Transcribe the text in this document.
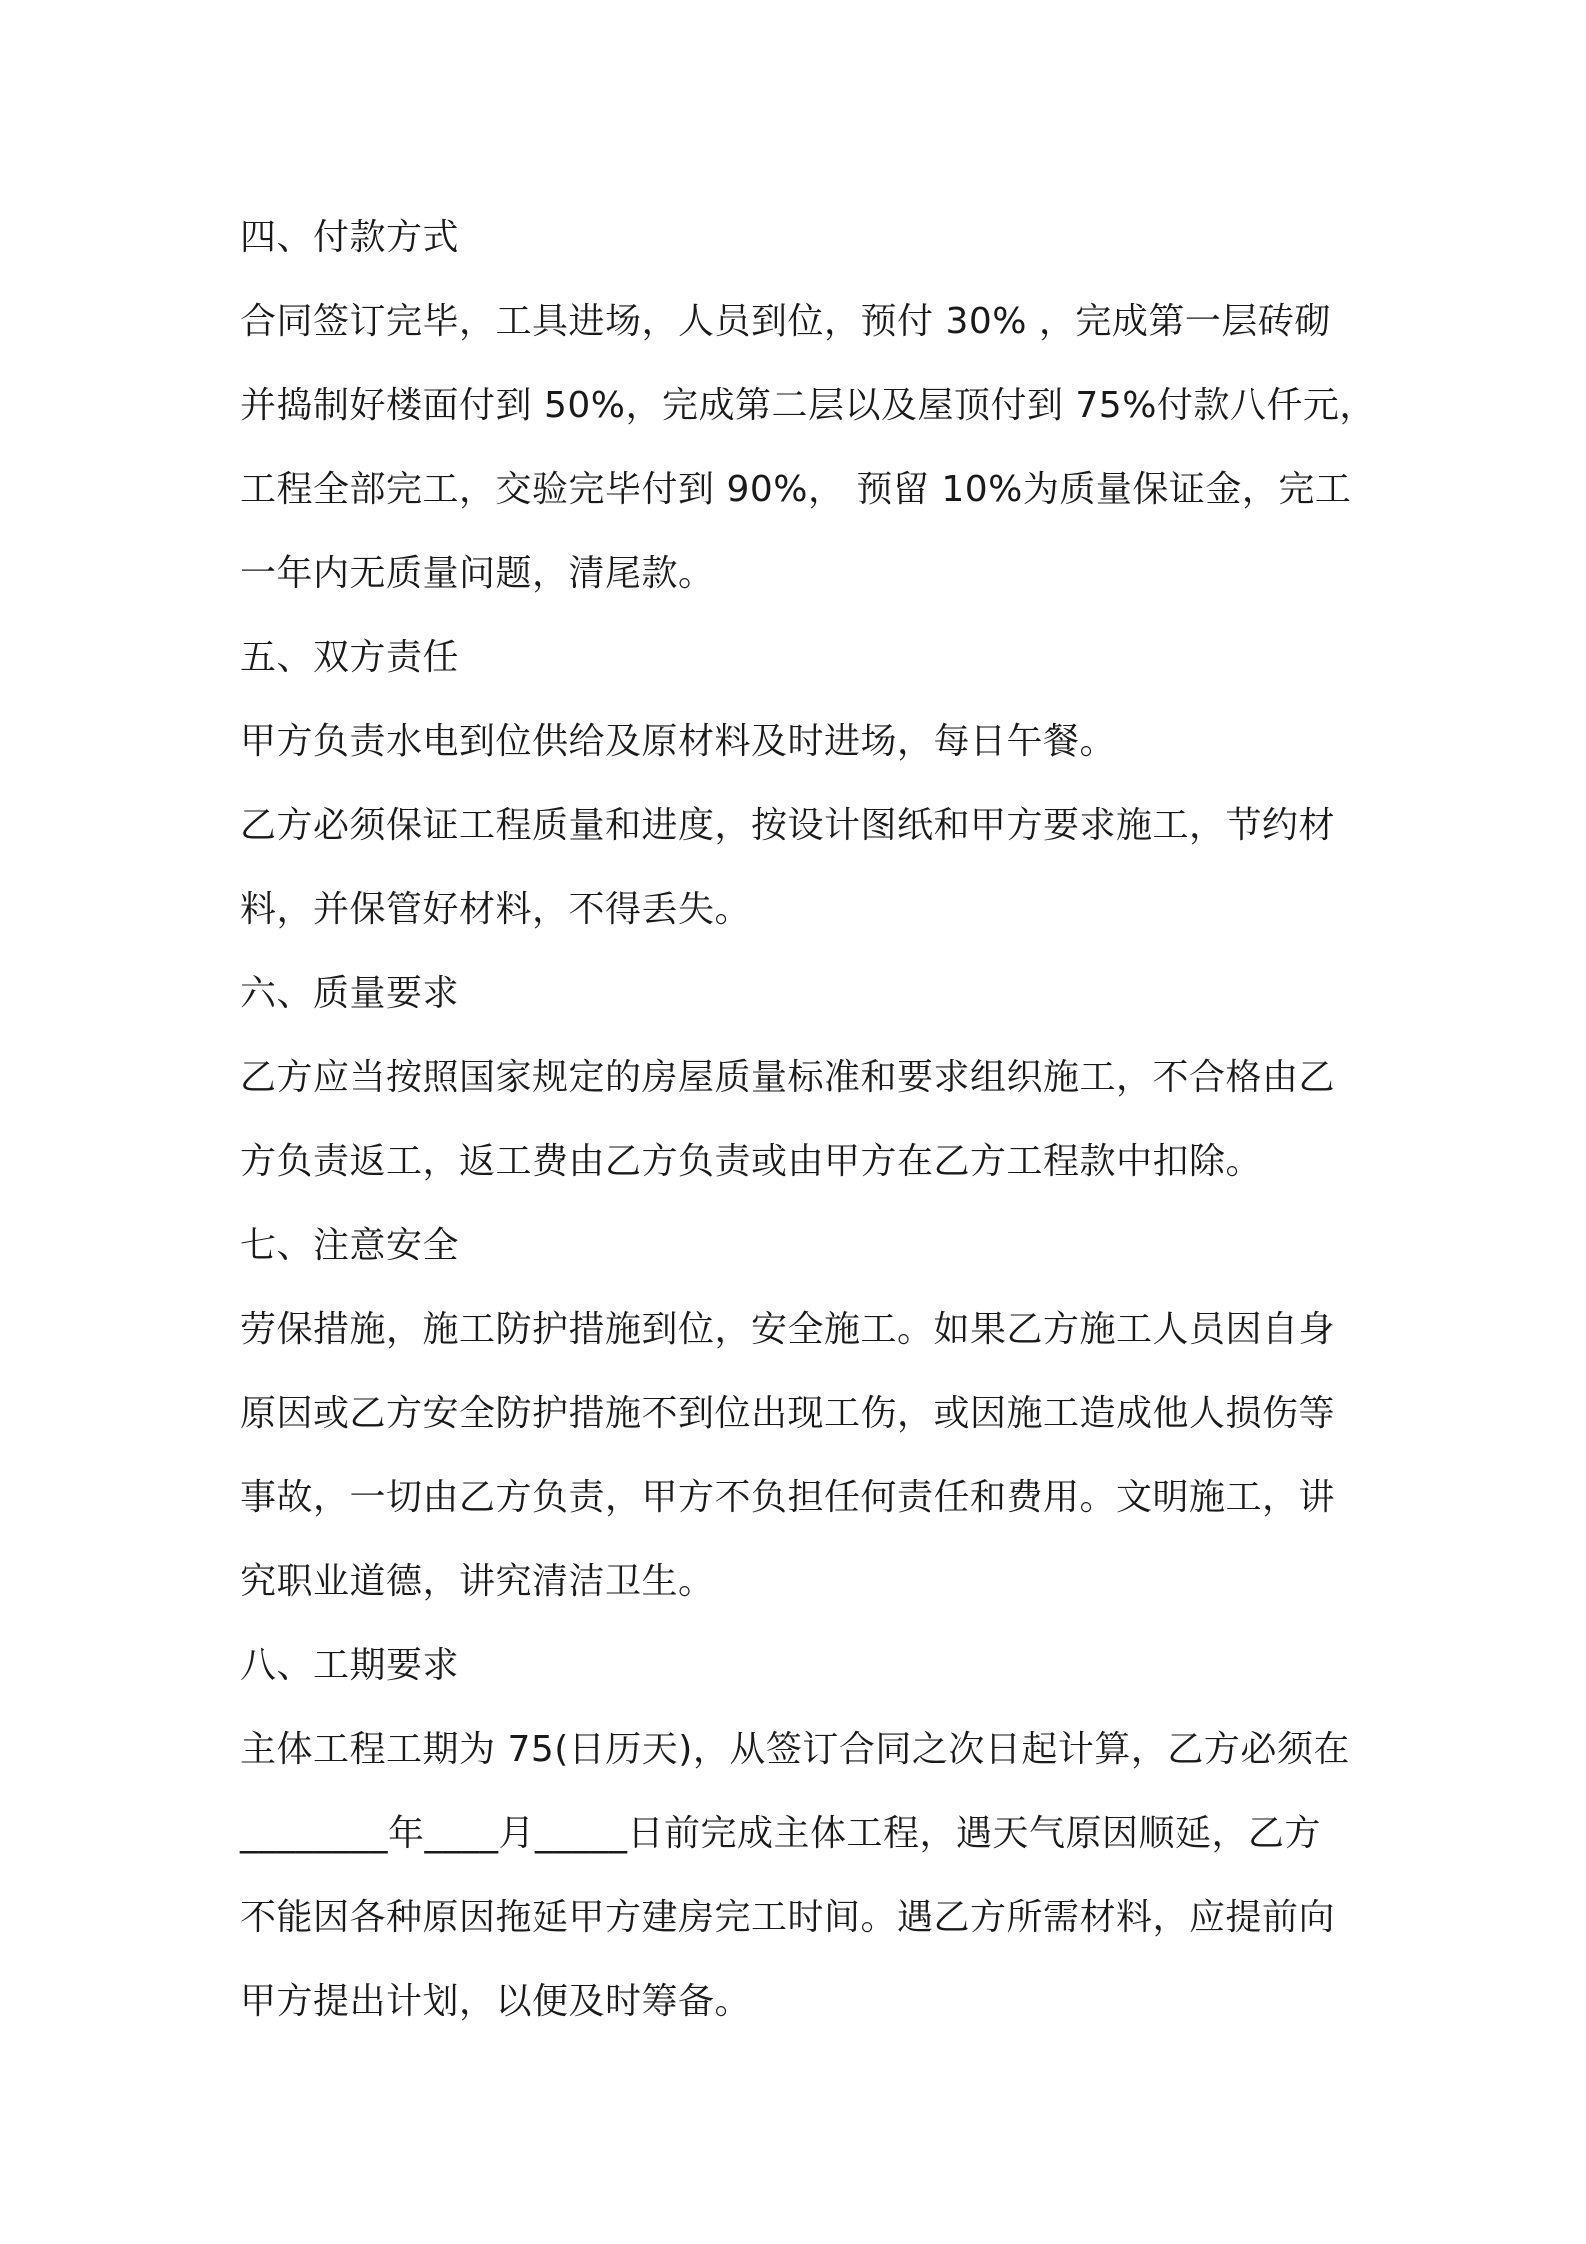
四、付款方式
合同签订完毕，工具进场，人员到位，预付 30% ，完成第一层砖砌
并捣制好楼面付到 50%，完成第二层以及屋顶付到 75%付款八仟元，
工程全部完工，交验完毕付到 90%， 预留 10%为质量保证金，完工
一年内无质量问题，清尾款。
五、双方责任
甲方负责水电到位供给及原材料及时进场，每日午餐。
乙方必须保证工程质量和进度，按设计图纸和甲方要求施工，节约材
料，并保管好材料，不得丢失。
六、质量要求
乙方应当按照国家规定的房屋质量标准和要求组织施工，不合格由乙
方负责返工，返工费由乙方负责或由甲方在乙方工程款中扣除。
七、注意安全
劳保措施，施工防护措施到位，安全施工。如果乙方施工人员因自身
原因或乙方安全防护措施不到位出现工伤，或因施工造成他人损伤等
事故，一切由乙方负责，甲方不负担任何责任和费用。文明施工，讲
究职业道德，讲究清洁卫生。
八、工期要求
主体工程工期为 75(日历天)，从签订合同之次日起计算，乙方必须在
________年____月_____日前完成主体工程，遇天气原因顺延，乙方
不能因各种原因拖延甲方建房完工时间。遇乙方所需材料，应提前向
甲方提出计划，以便及时筹备。
